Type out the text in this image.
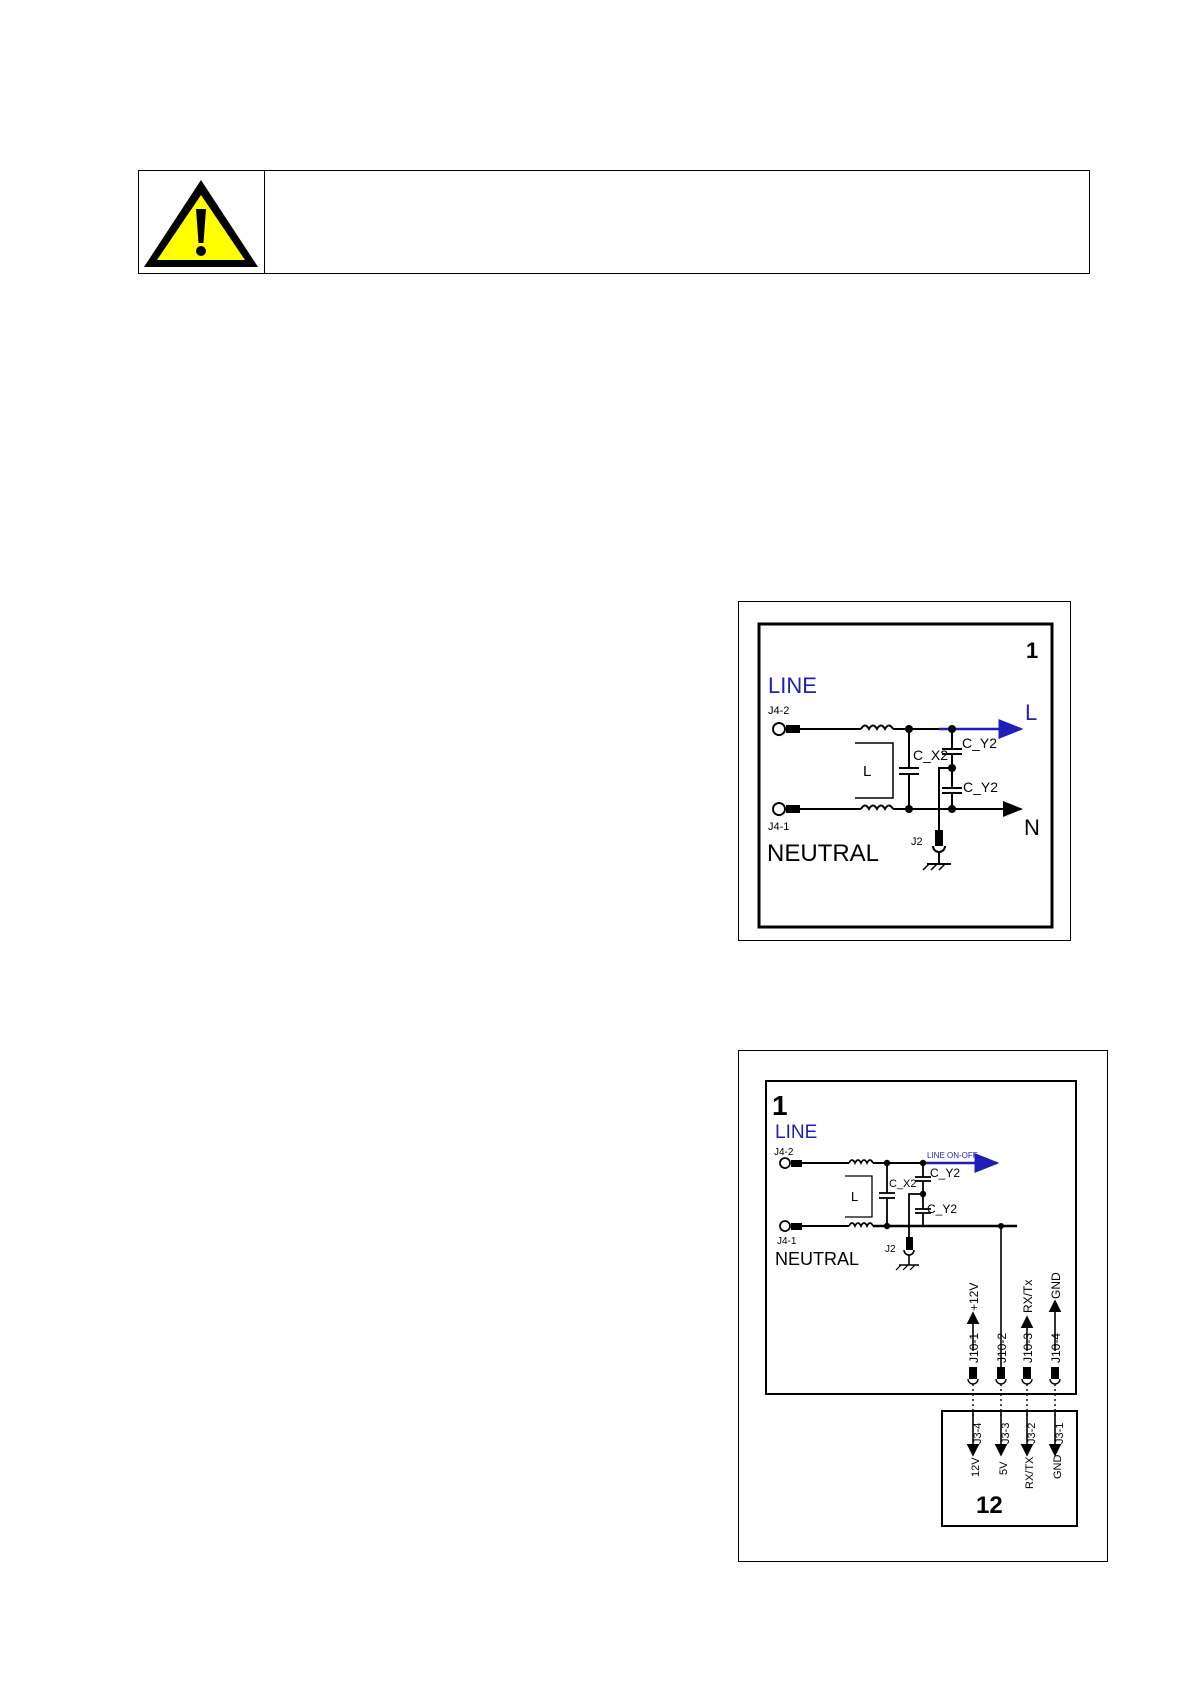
1
LINE
J4-2
J4-1
NEUTRAL
L
N
L
C_X2
C_Y2
C_Y2
J2
1
LINE
J4-2
J4-1
NEUTRAL
LINE ON-OFF
L
C_X2
C_Y2
C_Y2
J2
J10-1
+12V
J10-2 J10-3
RX/Tx
J10-4
GND
J3-4 J3-3 J3-2 J3-1
12V 5V RX/TX GND
12
